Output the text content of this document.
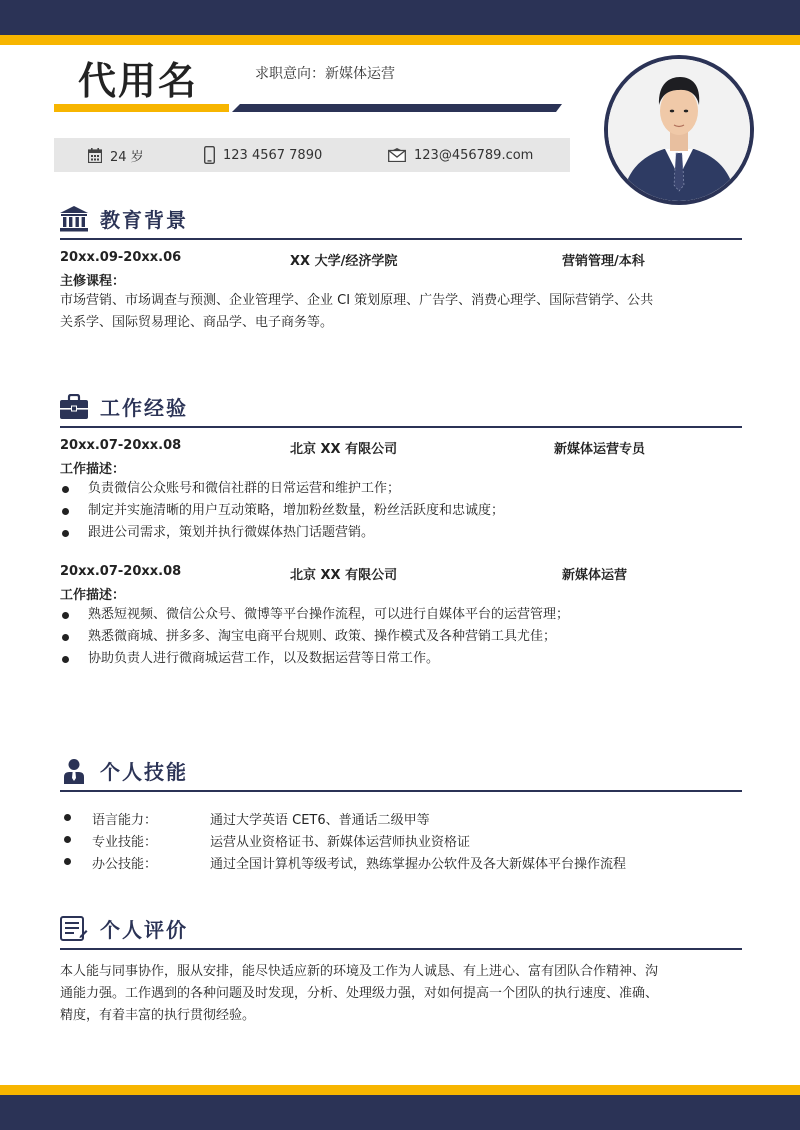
代用名	求职意向：新媒体运营
24 岁	123 4567 7890	123@456789.com
教育背景
20xx.09-20xx.06	XX 大学/经济学院	营销管理/本科
主修课程：
市场营销、市场调查与预测、企业管理学、企业 CI 策划原理、广告学、消费心理学、国际营销学、公共
关系学、国际贸易理论、商品学、电子商务等。
工作经验
20xx.07-20xx.08	北京 XX 有限公司	新媒体运营专员
工作描述：
负责微信公众账号和微信社群的日常运营和维护工作；
制定并实施清晰的用户互动策略，增加粉丝数量，粉丝活跃度和忠诚度；
跟进公司需求，策划并执行微媒体热门话题营销。
20xx.07-20xx.08	北京 XX 有限公司	新媒体运营
工作描述：
熟悉短视频、微信公众号、微博等平台操作流程，可以进行自媒体平台的运营管理；
熟悉微商城、拼多多、淘宝电商平台规则、政策、操作模式及各种营销工具尤佳；
协助负责人进行微商城运营工作，以及数据运营等日常工作。
个人技能
语言能力：	通过大学英语 CET6、普通话二级甲等
专业技能：	运营从业资格证书、新媒体运营师执业资格证
办公技能：	通过全国计算机等级考试，熟练掌握办公软件及各大新媒体平台操作流程
个人评价
本人能与同事协作，服从安排，能尽快适应新的环境及工作为人诚恳、有上进心、富有团队合作精神、沟
通能力强。工作遇到的各种问题及时发现，分析、处理级力强，对如何提高一个团队的执行速度、准确、
精度，有着丰富的执行贯彻经验。
